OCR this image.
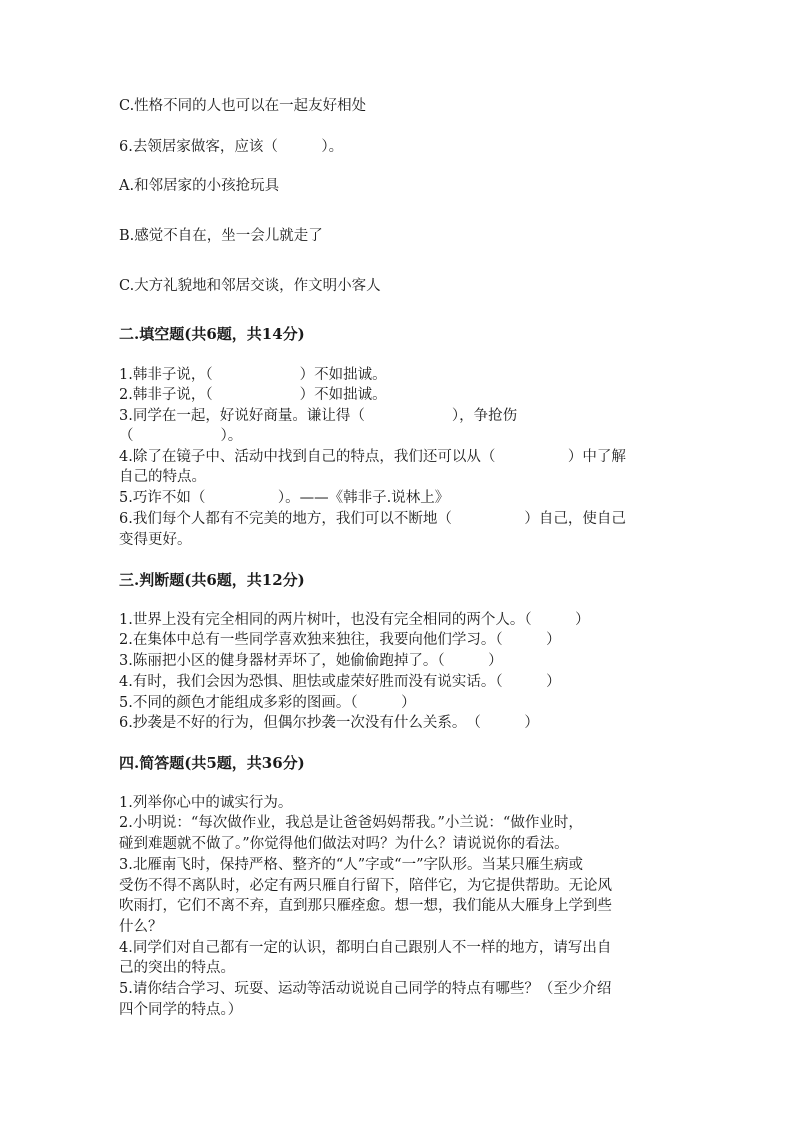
C.性格不同的人也可以在一起友好相处
6.去领居家做客，应该（　　　）。
A.和邻居家的小孩抢玩具
B.感觉不自在，坐一会儿就走了
C.大方礼貌地和邻居交谈，作文明小客人
二.填空题(共6题，共14分)
1.韩非子说，（　　　　　　）不如拙诚。
2.韩非子说，（　　　　　　）不如拙诚。
3.同学在一起，好说好商量。谦让得（　　　　　　），争抢伤
（　　　　　　）。
4.除了在镜子中、活动中找到自己的特点，我们还可以从（　　　　　）中了解
自己的特点。
5.巧诈不如（　　　　　）。——《韩非子.说林上》
6.我们每个人都有不完美的地方，我们可以不断地（　　　　　）自己，使自己
变得更好。
三.判断题(共6题，共12分)
1.世界上没有完全相同的两片树叶，也没有完全相同的两个人。（　　　）
2.在集体中总有一些同学喜欢独来独往，我要向他们学习。（　　　）
3.陈丽把小区的健身器材弄坏了，她偷偷跑掉了。（　　　）
4.有时，我们会因为恐惧、胆怯或虚荣好胜而没有说实话。（　　　）
5.不同的颜色才能组成多彩的图画。（　　　）
6.抄袭是不好的行为，但偶尔抄袭一次没有什么关系。　（　　　）
四.简答题(共5题，共36分)
1.列举你心中的诚实行为。
2.小明说：“每次做作业，我总是让爸爸妈妈帮我。”小兰说：“做作业时，
碰到难题就不做了。”你觉得他们做法对吗？为什么？请说说你的看法。
3.北雁南飞时，保持严格、整齐的“人”字或“一”字队形。当某只雁生病或
受伤不得不离队时，必定有两只雁自行留下，陪伴它，为它提供帮助。无论风
吹雨打，它们不离不弃，直到那只雁痊愈。想一想，我们能从大雁身上学到些
什么？
4.同学们对自己都有一定的认识，都明白自己跟别人不一样的地方，请写出自
己的突出的特点。
5.请你结合学习、玩耍、运动等活动说说自己同学的特点有哪些？（至少介绍
四个同学的特点。）
